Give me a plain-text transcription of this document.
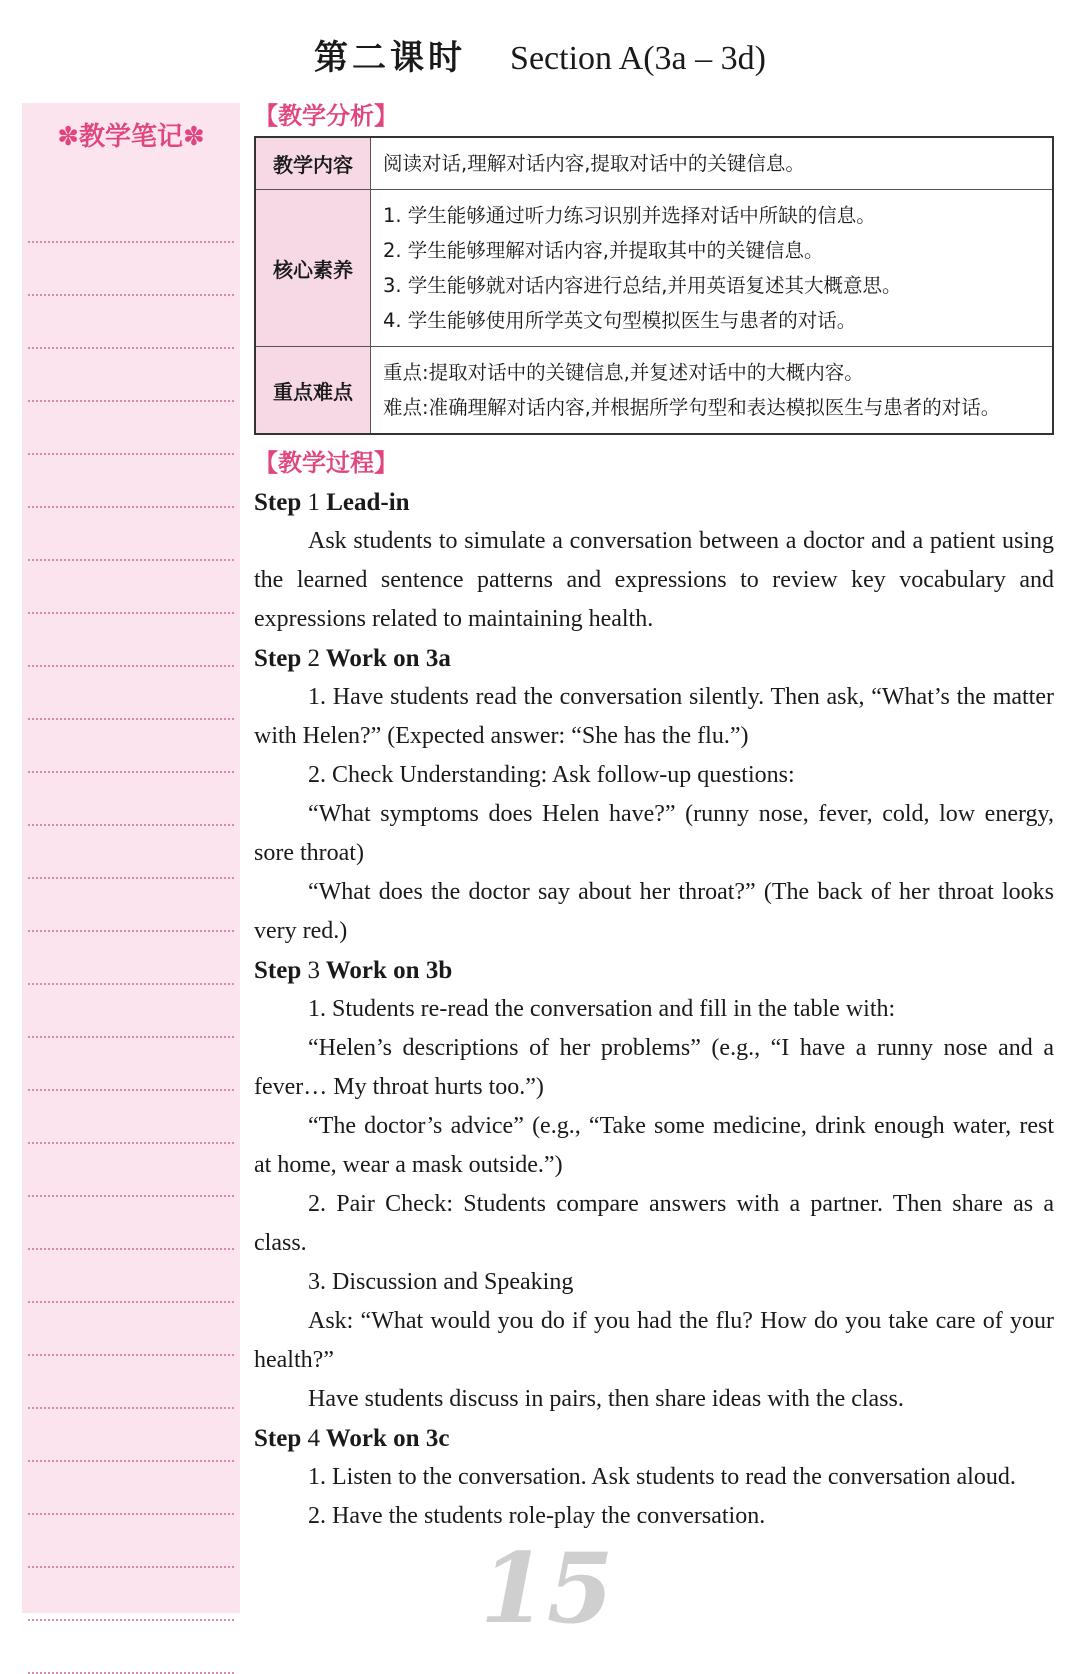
第二课时 Section A(3a – 3d)
✽教学笔记✽
【教学分析】
教学内容	阅读对话,理解对话内容,提取对话中的关键信息。

核心素养	1. 学生能够通过听力练习识别并选择对话中所缺的信息。
2. 学生能够理解对话内容,并提取其中的关键信息。
3. 学生能够就对话内容进行总结,并用英语复述其大概意思。
4. 学生能够使用所学英文句型模拟医生与患者的对话。

重点难点	重点:提取对话中的关键信息,并复述对话中的大概内容。
难点:准确理解对话内容,并根据所学句型和表达模拟医生与患者的对话。
【教学过程】
Step 1 Lead-in
Ask students to simulate a conversation between a doctor and a patient using the learned sentence patterns and expressions to review key vocabulary and expressions related to maintaining health.
Step 2 Work on 3a
1. Have students read the conversation silently. Then ask, “What’s the matter with Helen?” (Expected answer: “She has the flu.”)
2. Check Understanding: Ask follow-up questions:
“What symptoms does Helen have?” (runny nose, fever, cold, low energy, sore throat)
“What does the doctor say about her throat?” (The back of her throat looks very red.)
Step 3 Work on 3b
1. Students re-read the conversation and fill in the table with:
“Helen’s descriptions of her problems” (e.g., “I have a runny nose and a fever… My throat hurts too.”)
“The doctor’s advice” (e.g., “Take some medicine, drink enough water, rest at home, wear a mask outside.”)
2. Pair Check: Students compare answers with a partner. Then share as a class.
3. Discussion and Speaking
Ask: “What would you do if you had the flu? How do you take care of your health?”
Have students discuss in pairs, then share ideas with the class.
Step 4 Work on 3c
1. Listen to the conversation. Ask students to read the conversation aloud.
2. Have the students role-play the conversation.
15
